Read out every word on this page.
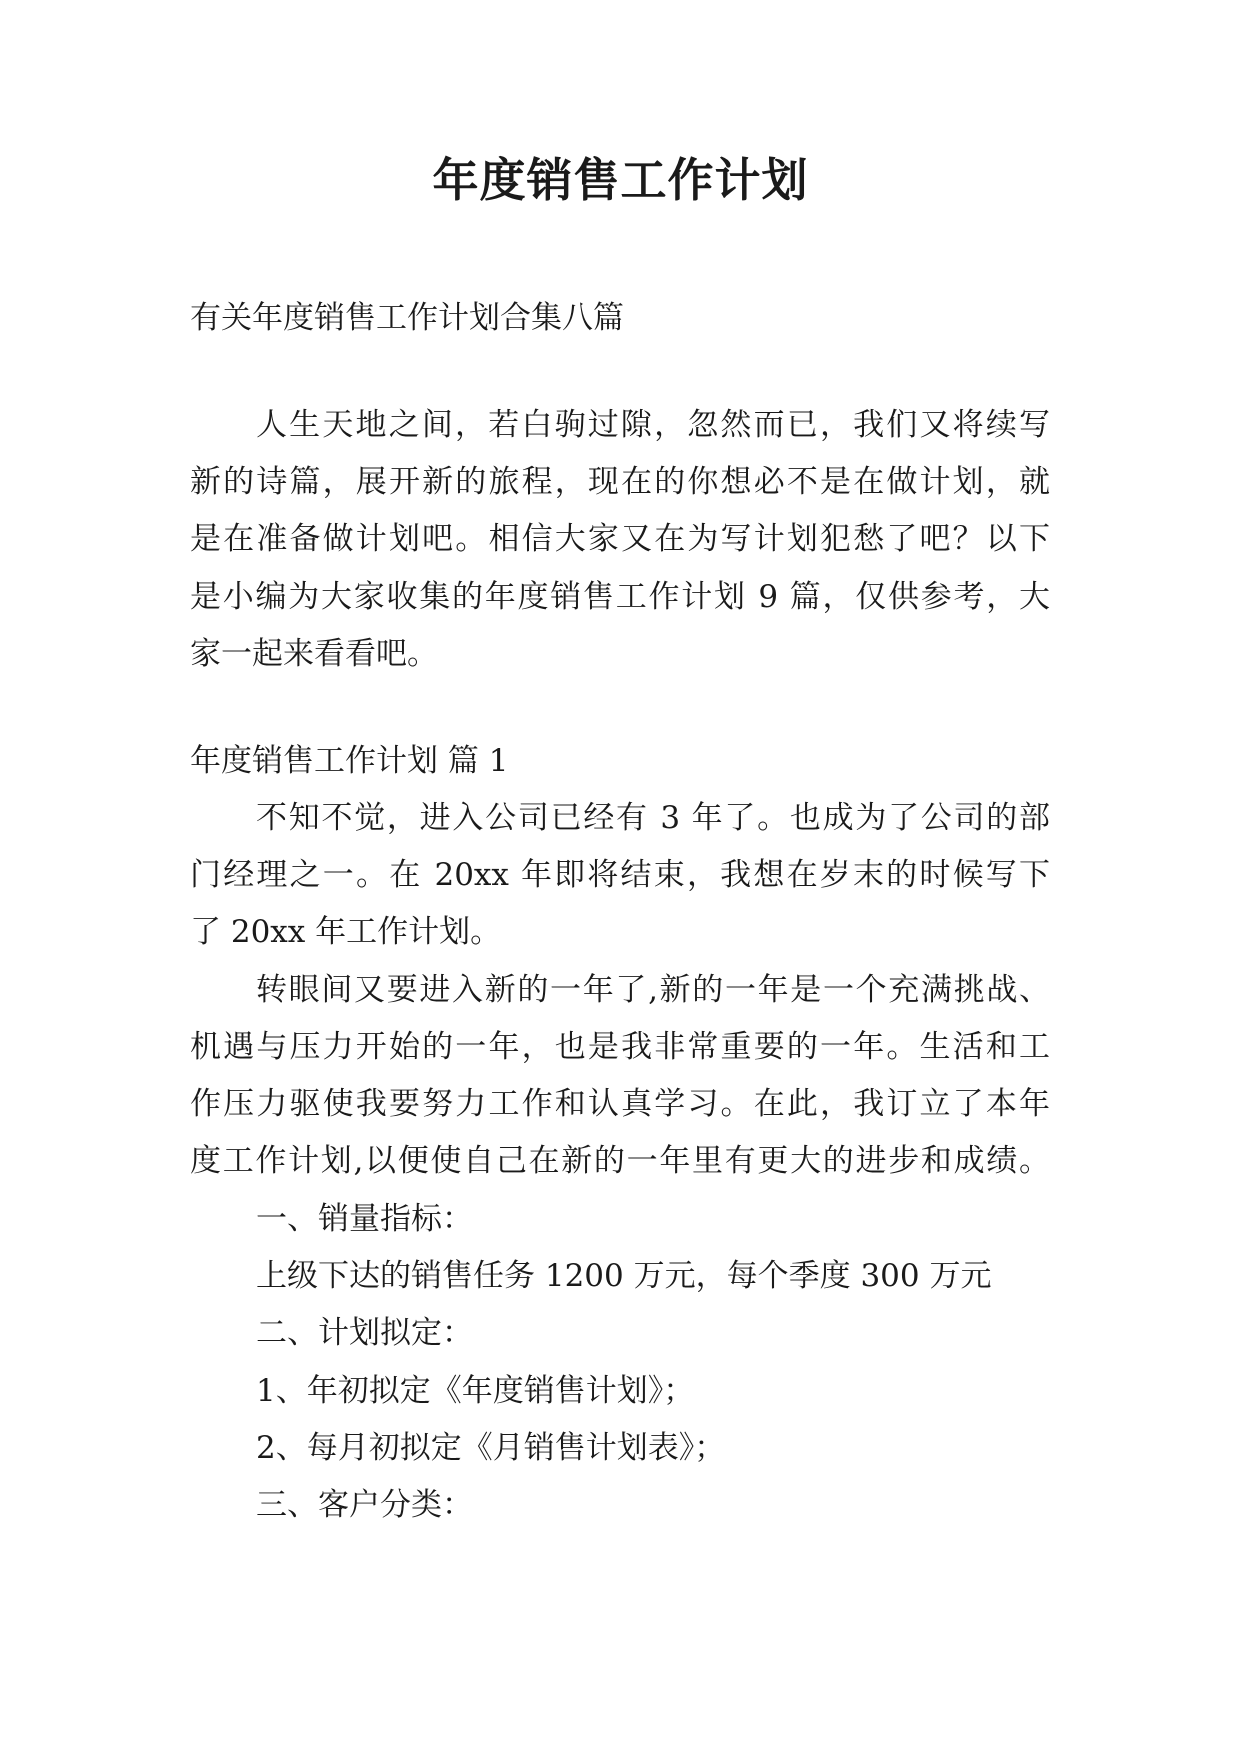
年度销售工作计划
有关年度销售工作计划合集八篇
人生天地之间，若白驹过隙，忽然而已，我们又将续写
新的诗篇，展开新的旅程，现在的你想必不是在做计划，就
是在准备做计划吧。相信大家又在为写计划犯愁了吧？以下
是小编为大家收集的年度销售工作计划 9 篇，仅供参考，大
家一起来看看吧。
年度销售工作计划 篇 1
不知不觉，进入公司已经有 3 年了。也成为了公司的部
门经理之一。在 20xx 年即将结束，我想在岁末的时候写下
了 20xx 年工作计划。
转眼间又要进入新的一年了,新的一年是一个充满挑战、
机遇与压力开始的一年，也是我非常重要的一年。生活和工
作压力驱使我要努力工作和认真学习。在此，我订立了本年
度工作计划,以便使自己在新的一年里有更大的进步和成绩。
一、销量指标：
上级下达的销售任务 1200 万元，每个季度 300 万元
二、计划拟定：
1、年初拟定《年度销售计划》；
2、每月初拟定《月销售计划表》；
三、客户分类：
